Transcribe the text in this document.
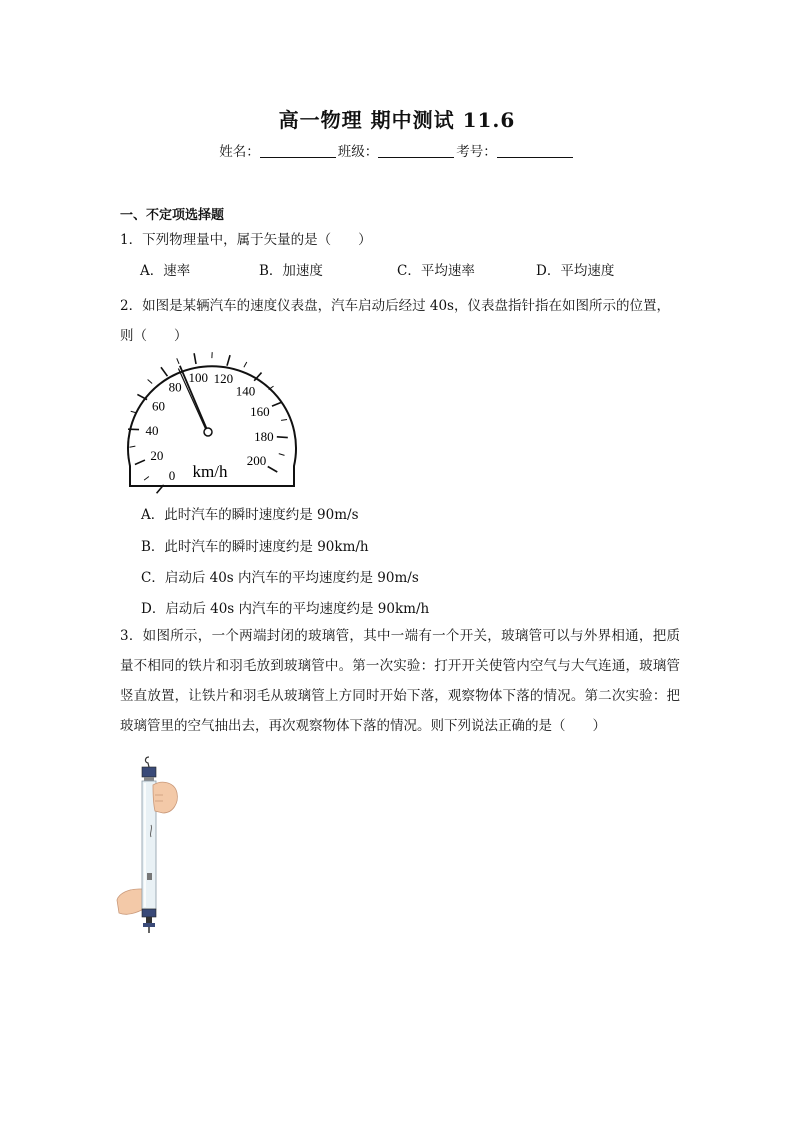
高一物理 期中测试 11.6
姓名：	班级：	考号：
一、不定项选择题
1．下列物理量中，属于矢量的是（　　）
A．速率	B．加速度	C．平均速率	D．平均速度
2．如图是某辆汽车的速度仪表盘，汽车启动后经过 40s，仪表盘指针指在如图所示的位置，
则（　　）
0
20
40
60
80
100 120
140
160
180
200
km/h
A．此时汽车的瞬时速度约是 90m/s
B．此时汽车的瞬时速度约是 90km/h
C．启动后 40s 内汽车的平均速度约是 90m/s
D．启动后 40s 内汽车的平均速度约是 90km/h
3．如图所示，一个两端封闭的玻璃管，其中一端有一个开关，玻璃管可以与外界相通，把质量不相同的铁片和羽毛放到玻璃管中。第一次实验：打开开关使管内空气与大气连通，玻璃管竖直放置，让铁片和羽毛从玻璃管上方同时开始下落，观察物体下落的情况。第二次实验：把玻璃管里的空气抽出去，再次观察物体下落的情况。则下列说法正确的是（　　）
